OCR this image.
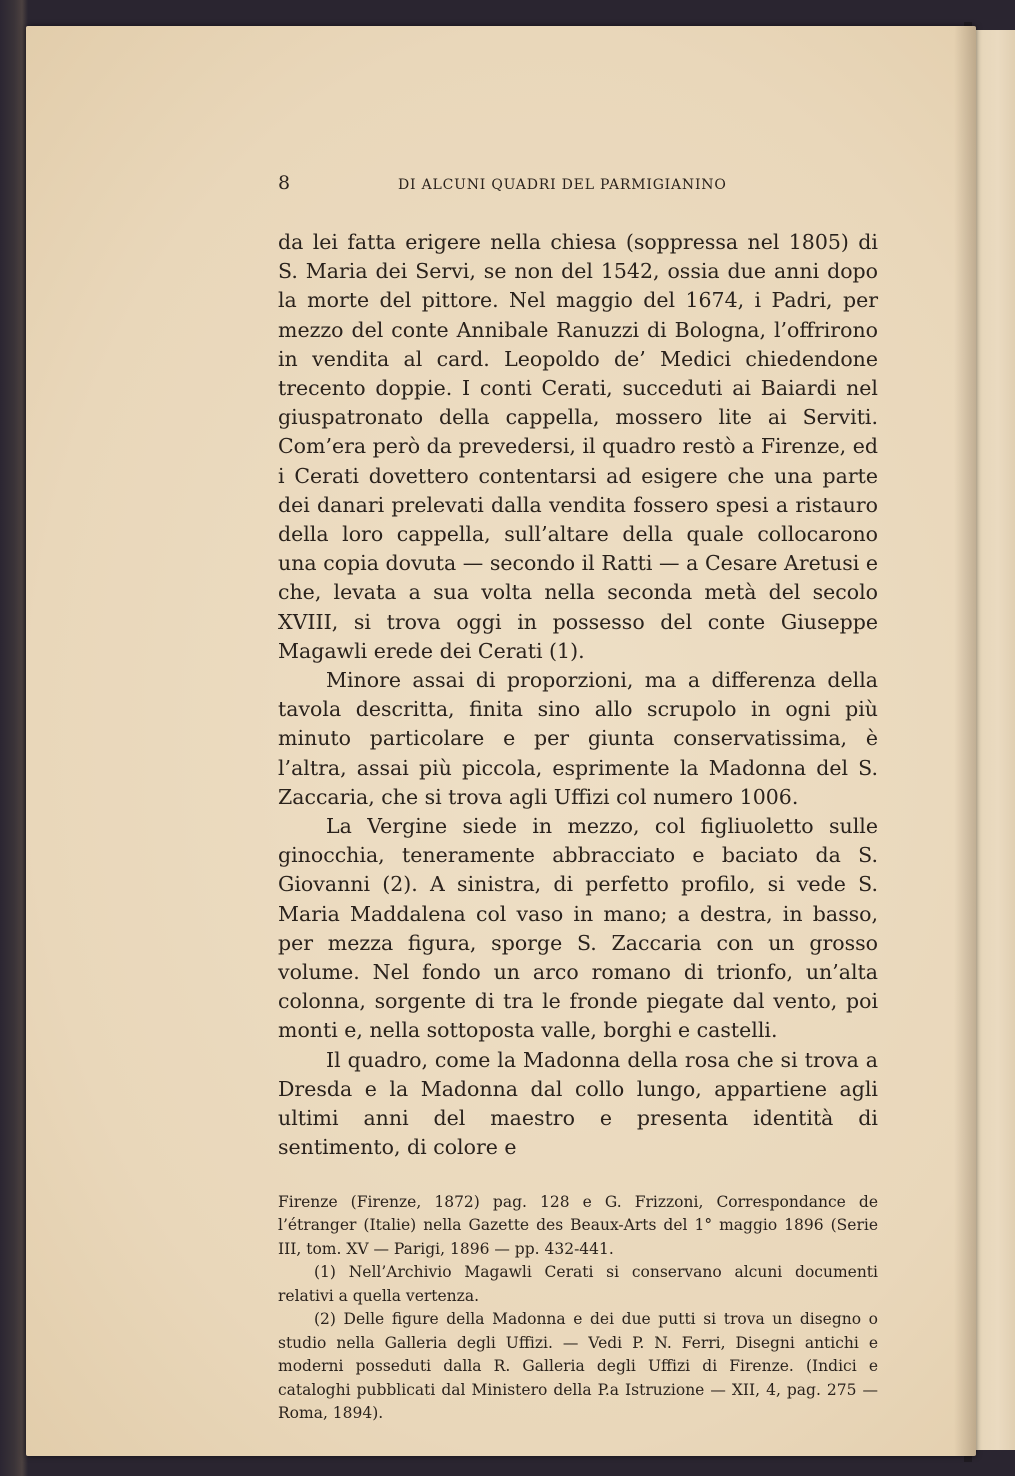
8	DI ALCUNI QUADRI DEL PARMIGIANINO

da lei fatta erigere nella chiesa (soppressa nel 1805) di S. Maria dei Servi, se non del 1542, ossia due anni dopo la morte del pittore. Nel maggio del 1674, i Padri, per mezzo del conte Annibale Ranuzzi di Bologna, l’offrirono in vendita al card. Leopoldo de’ Medici chiedendone trecento doppie. I conti Cerati, succeduti ai Baiardi nel giuspatronato della cappella, mossero lite ai Serviti. Com’era però da prevedersi, il quadro restò a Firenze, ed i Cerati dovettero contentarsi ad esigere che una parte dei danari prelevati dalla vendita fossero spesi a ristauro della loro cappella, sull’altare della quale collocarono una copia dovuta — secondo il Ratti — a Cesare Aretusi e che, levata a sua volta nella seconda metà del secolo XVIII, si trova oggi in possesso del conte Giuseppe Magawli erede dei Cerati (1).

Minore assai di proporzioni, ma a differenza della tavola descritta, finita sino allo scrupolo in ogni più minuto particolare e per giunta conservatissima, è l’altra, assai più piccola, esprimente la Madonna del S. Zaccaria, che si trova agli Uffizi col numero 1006.

La Vergine siede in mezzo, col figliuoletto sulle ginocchia, teneramente abbracciato e baciato da S. Giovanni (2). A sinistra, di perfetto profilo, si vede S. Maria Maddalena col vaso in mano; a destra, in basso, per mezza figura, sporge S. Zaccaria con un grosso volume. Nel fondo un arco romano di trionfo, un’alta colonna, sorgente di tra le fronde piegate dal vento, poi monti e, nella sottoposta valle, borghi e castelli.

Il quadro, come la Madonna della rosa che si trova a Dresda e la Madonna dal collo lungo, appartiene agli ultimi anni del maestro e presenta identità di sentimento, di colore e

Firenze (Firenze, 1872) pag. 128 e G. Frizzoni, Correspondance de l’étranger (Italie) nella Gazette des Beaux-Arts del 1° maggio 1896 (Serie III, tom. XV — Parigi, 1896 — pp. 432-441.

(1) Nell’Archivio Magawli Cerati si conservano alcuni documenti relativi a quella vertenza.

(2) Delle figure della Madonna e dei due putti si trova un disegno o studio nella Galleria degli Uffizi. — Vedi P. N. Ferri, Disegni antichi e moderni posseduti dalla R. Galleria degli Uffizi di Firenze. (Indici e cataloghi pubblicati dal Ministero della P.a Istruzione — XII, 4, pag. 275 — Roma, 1894).
